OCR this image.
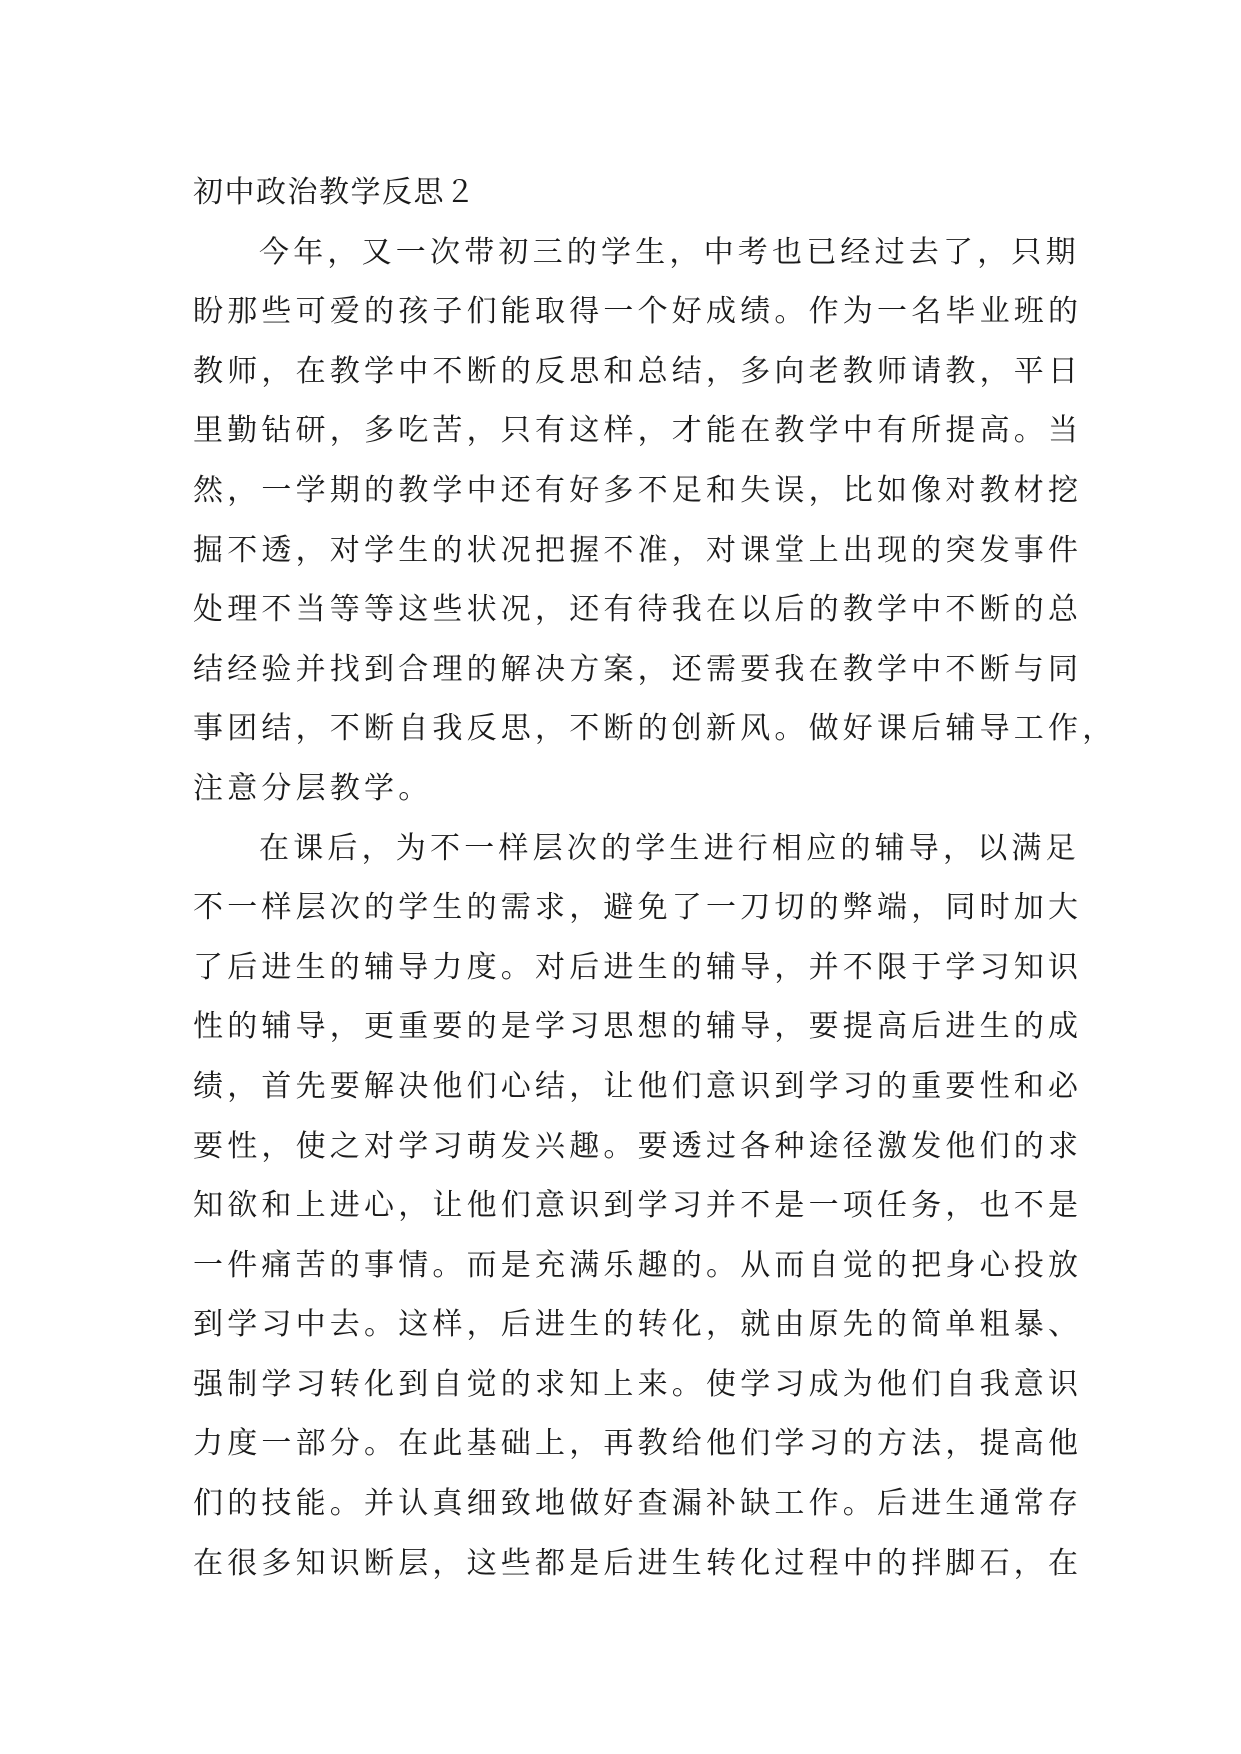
初中政治教学反思２

今年，又一次带初三的学生，中考也已经过去了，只期
盼那些可爱的孩子们能取得一个好成绩。作为一名毕业班的
教师，在教学中不断的反思和总结，多向老教师请教，平日
里勤钻研，多吃苦，只有这样，才能在教学中有所提高。当
然，一学期的教学中还有好多不足和失误，比如像对教材挖
掘不透，对学生的状况把握不准，对课堂上出现的突发事件
处理不当等等这些状况，还有待我在以后的教学中不断的总
结经验并找到合理的解决方案，还需要我在教学中不断与同
事团结，不断自我反思，不断的创新风。做好课后辅导工作，
注意分层教学。

在课后，为不一样层次的学生进行相应的辅导，以满足
不一样层次的学生的需求，避免了一刀切的弊端，同时加大
了后进生的辅导力度。对后进生的辅导，并不限于学习知识
性的辅导，更重要的是学习思想的辅导，要提高后进生的成
绩，首先要解决他们心结，让他们意识到学习的重要性和必
要性，使之对学习萌发兴趣。要透过各种途径激发他们的求
知欲和上进心，让他们意识到学习并不是一项任务，也不是
一件痛苦的事情。而是充满乐趣的。从而自觉的把身心投放
到学习中去。这样，后进生的转化，就由原先的简单粗暴、
强制学习转化到自觉的求知上来。使学习成为他们自我意识
力度一部分。在此基础上，再教给他们学习的方法，提高他
们的技能。并认真细致地做好查漏补缺工作。后进生通常存
在很多知识断层，这些都是后进生转化过程中的拌脚石，在
